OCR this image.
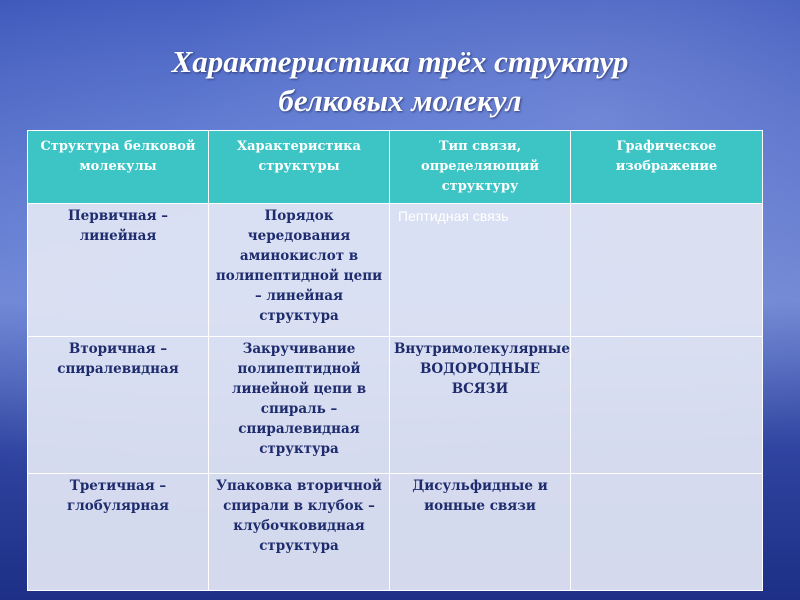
Характеристика трёх структур
белковых молекул
Структура белковой молекулы	Характеристика структуры	Тип связи, определяющий структуру	Графическое изображение
Первичная – линейная	Порядок чередования аминокислот в полипептидной цепи – линейная структура	Пептидная связь	
Вторичная – спиралевидная	Закручивание полипептидной линейной цепи в спираль – спиралевидная структура	Внутримолекулярные ВОДОРОДНЫЕ ВСЯЗИ	
Третичная – глобулярная	Упаковка вторичной спирали в клубок – клубочковидная структура	Дисульфидные и ионные связи	
